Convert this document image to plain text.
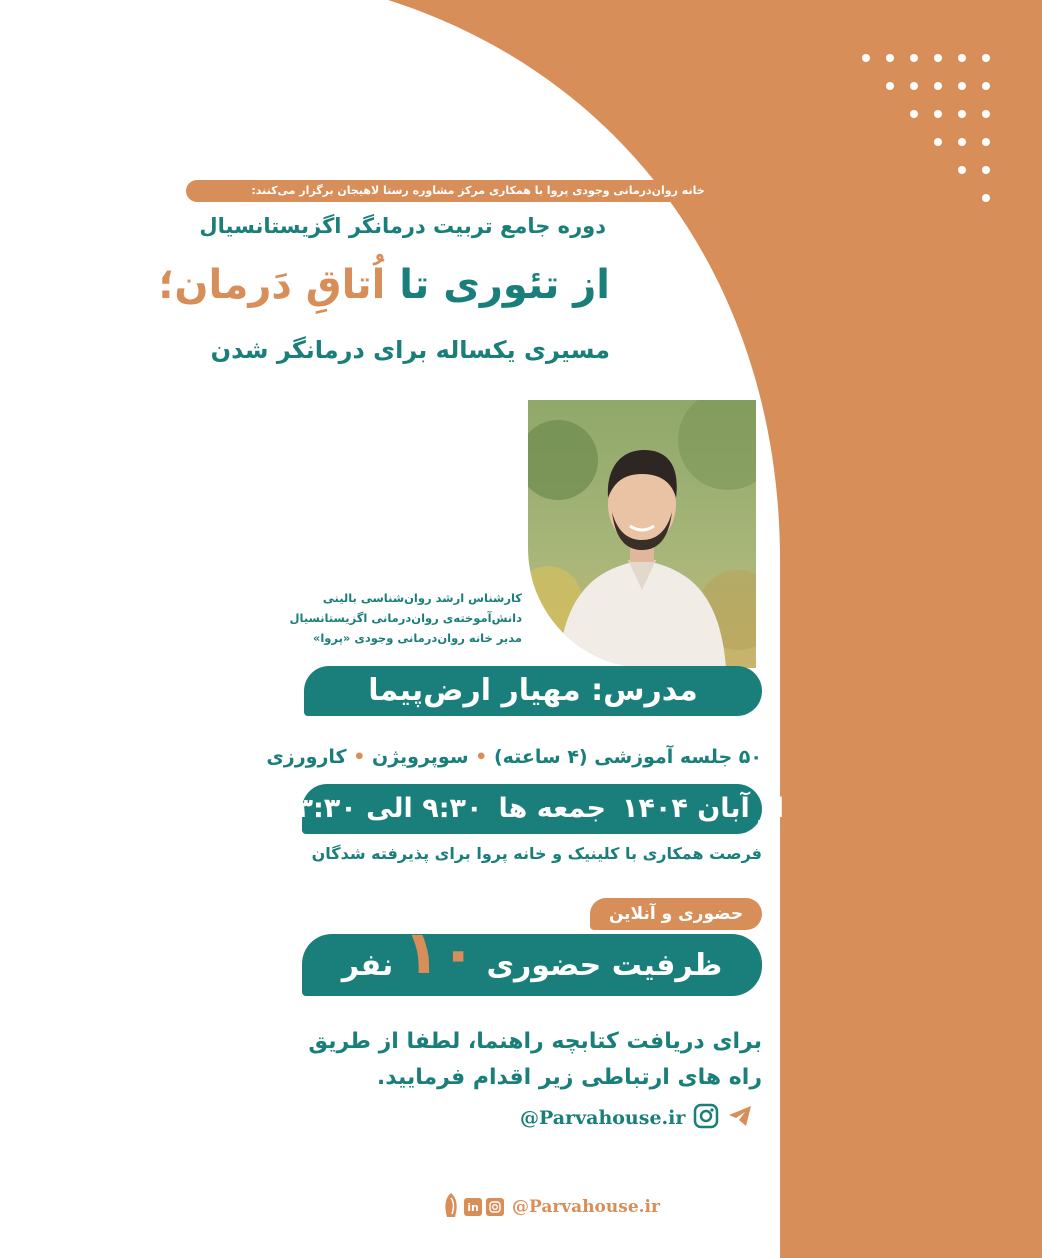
خانه روان‌درمانی وجودی پروا با همکاری مرکز مشاوره رستا لاهیجان برگزار می‌کنند:
دوره جامع تربیت درمانگر اگزیستانسیال
از تئوری تا اُتاقِ دَرمان؛
مسیری یکساله برای درمانگر شدن
کارشناس ارشد روان‌شناسی بالینی
دانش‌آموخته‌ی روان‌درمانی اگزیستانسیال
مدیر خانه روان‌درمانی وجودی «پروا»
مدرس: مهیار ارض‌پیما
۵۰ جلسه آموزشی (۴ ساعته) • سوپرویژن • کارورزی
از آبان ۱۴۰۴
جمعه ها
۹:۳۰ الی ۱۳:۳۰
فرصت همکاری با کلینیک و خانه پروا برای پذیرفته شدگان
حضوری و آنلاین
ظرفیت حضوری
۱۰
نفر
برای دریافت کتابچه راهنما، لطفا از طریق
راه های ارتباطی زیر اقدام فرمایید.
@Parvahouse.ir
in @Parvahouse.ir
